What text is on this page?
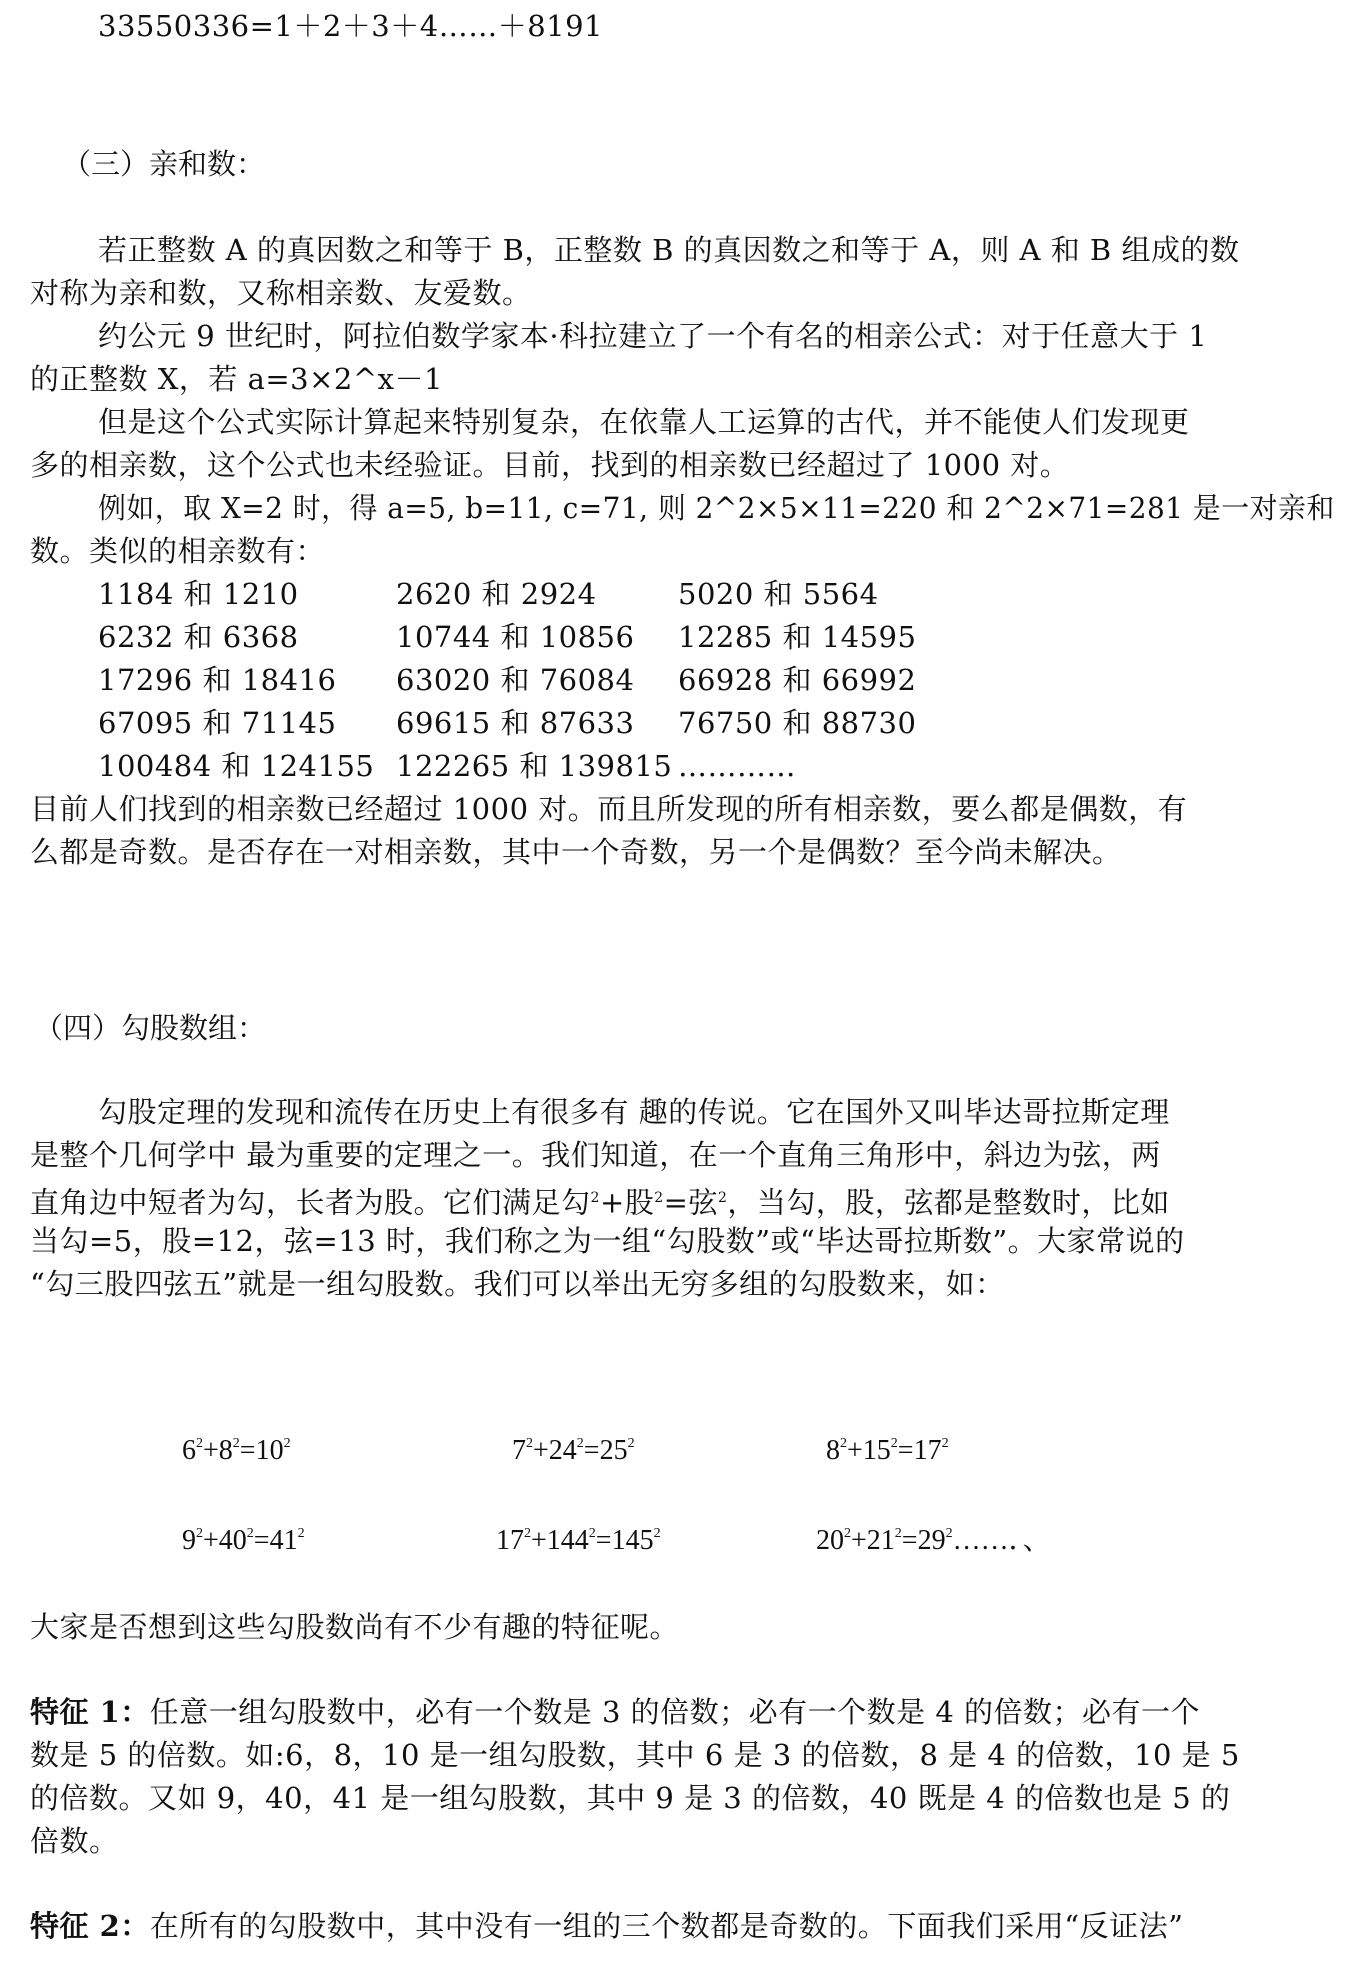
33550336=1＋2＋3＋4……＋8191
（三）亲和数：
若正整数 A 的真因数之和等于 B，正整数 B 的真因数之和等于 A，则 A 和 B 组成的数
对称为亲和数，又称相亲数、友爱数。
约公元 9 世纪时，阿拉伯数学家本·科拉建立了一个有名的相亲公式：对于任意大于 1
的正整数 X，若 a=3×2^x－1
但是这个公式实际计算起来特别复杂，在依靠人工运算的古代，并不能使人们发现更
多的相亲数，这个公式也未经验证。目前，找到的相亲数已经超过了 1000 对。
例如，取 X=2 时，得 a=5, b=11, c=71, 则 2^2×5×11=220 和 2^2×71=281 是一对亲和
数。类似的相亲数有：
1184 和 1210	2620 和 2924	5020 和 5564
6232 和 6368	10744 和 10856 12285 和 14595
17296 和 18416 63020 和 76084 66928 和 66992
67095 和 71145 69615 和 87633 76750 和 88730
100484 和 124155 122265 和 139815 …………
目前人们找到的相亲数已经超过 1000 对。而且所发现的所有相亲数，要么都是偶数，有
么都是奇数。是否存在一对相亲数，其中一个奇数，另一个是偶数？至今尚未解决。
（四）勾股数组：
勾股定理的发现和流传在历史上有很多有 趣的传说。它在国外又叫毕达哥拉斯定理
是整个几何学中 最为重要的定理之一。我们知道，在一个直角三角形中，斜边为弦，两
直角边中短者为勾，长者为股。它们满足勾$^2$+股$^2$=弦$^2$，当勾，股，弦都是整数时，比如
当勾=5，股=12，弦=13 时，我们称之为一组“勾股数”或“毕达哥拉斯数”。大家常说的
“勾三股四弦五”就是一组勾股数。我们可以举出无穷多组的勾股数来，如：
$6^2+8^2=10^2$	$7^2+24^2=25^2$	$8^2+15^2=17^2$
$9^2+40^2=41^2$	$17^2+144^2=145^2$	$20^2+21^2=29^2\dots\dots$．、
大家是否想到这些勾股数尚有不少有趣的特征呢。
特征 1：任意一组勾股数中，必有一个数是 3 的倍数；必有一个数是 4 的倍数；必有一个
数是 5 的倍数。如:6，8，10 是一组勾股数，其中 6 是 3 的倍数，8 是 4 的倍数，10 是 5
的倍数。又如 9，40，41 是一组勾股数，其中 9 是 3 的倍数，40 既是 4 的倍数也是 5 的
倍数。
特征 2：在所有的勾股数中，其中没有一组的三个数都是奇数的。下面我们采用“反证法”
